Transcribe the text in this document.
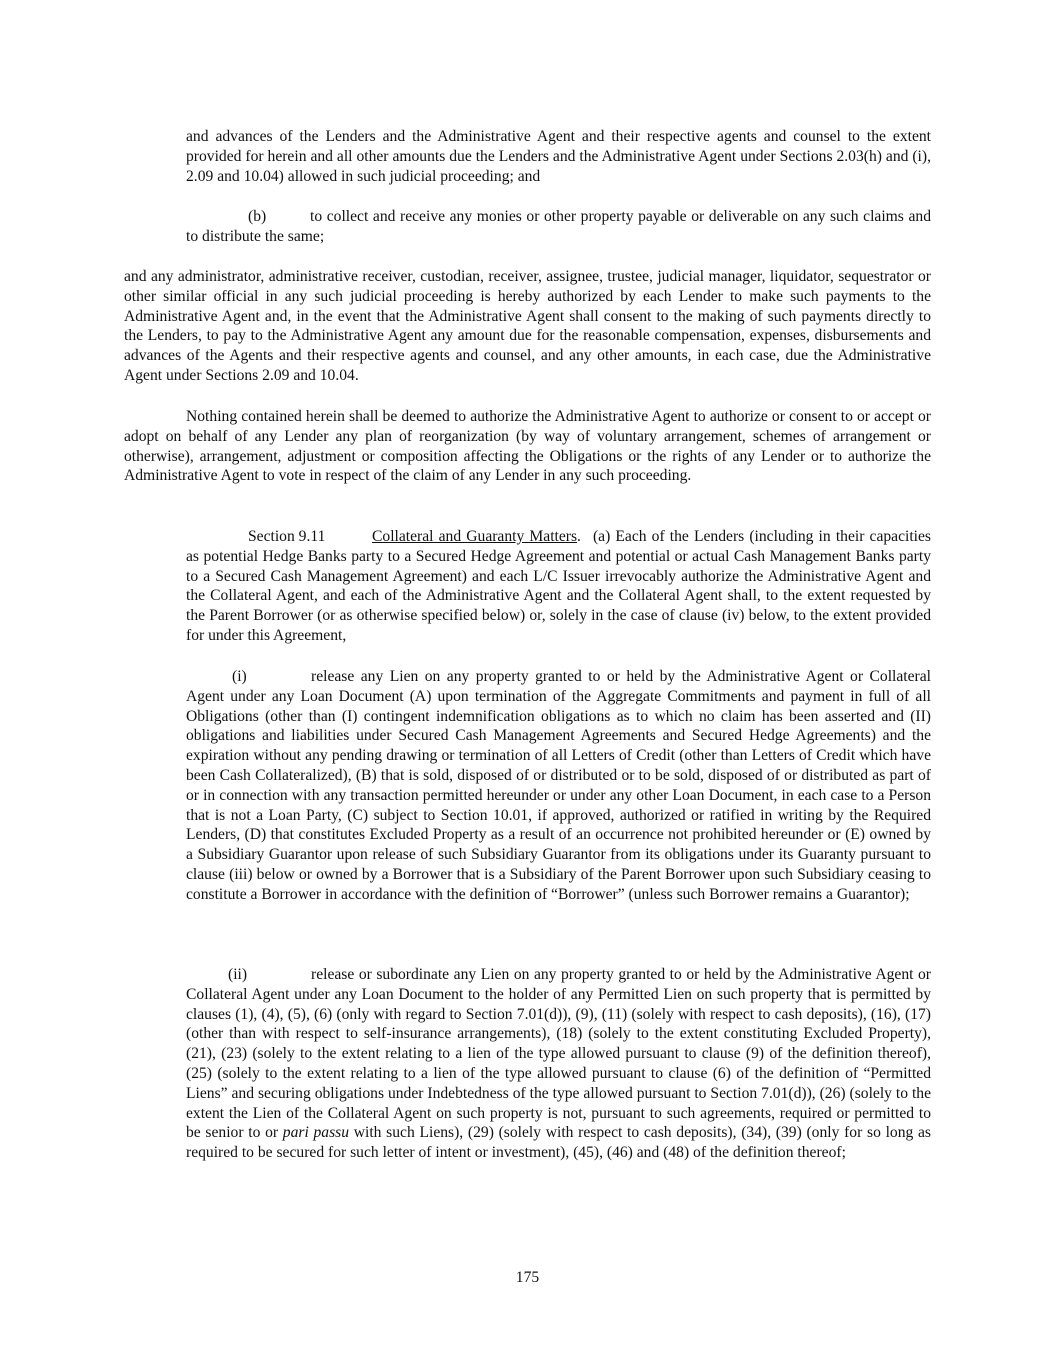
and advances of the Lenders and the Administrative Agent and their respective agents and counsel to the extent provided for herein and all other amounts due the Lenders and the Administrative Agent under Sections 2.03(h) and (i), 2.09 and 10.04) allowed in such judicial proceeding; and

(b)	to collect and receive any monies or other property payable or deliverable on any such claims and to distribute the same;

and any administrator, administrative receiver, custodian, receiver, assignee, trustee, judicial manager, liquidator, sequestrator or other similar official in any such judicial proceeding is hereby authorized by each Lender to make such payments to the Administrative Agent and, in the event that the Administrative Agent shall consent to the making of such payments directly to the Lenders, to pay to the Administrative Agent any amount due for the reasonable compensation, expenses, disbursements and advances of the Agents and their respective agents and counsel, and any other amounts, in each case, due the Administrative Agent under Sections 2.09 and 10.04.

Nothing contained herein shall be deemed to authorize the Administrative Agent to authorize or consent to or accept or adopt on behalf of any Lender any plan of reorganization (by way of voluntary arrangement, schemes of arrangement or otherwise), arrangement, adjustment or composition affecting the Obligations or the rights of any Lender or to authorize the Administrative Agent to vote in respect of the claim of any Lender in any such proceeding.

Section 9.11	Collateral and Guaranty Matters. (a) Each of the Lenders (including in their capacities as potential Hedge Banks party to a Secured Hedge Agreement and potential or actual Cash Management Banks party to a Secured Cash Management Agreement) and each L/C Issuer irrevocably authorize the Administrative Agent and the Collateral Agent, and each of the Administrative Agent and the Collateral Agent shall, to the extent requested by the Parent Borrower (or as otherwise specified below) or, solely in the case of clause (iv) below, to the extent provided for under this Agreement,

(i)	release any Lien on any property granted to or held by the Administrative Agent or Collateral Agent under any Loan Document (A) upon termination of the Aggregate Commitments and payment in full of all Obligations (other than (I) contingent indemnification obligations as to which no claim has been asserted and (II) obligations and liabilities under Secured Cash Management Agreements and Secured Hedge Agreements) and the expiration without any pending drawing or termination of all Letters of Credit (other than Letters of Credit which have been Cash Collateralized), (B) that is sold, disposed of or distributed or to be sold, disposed of or distributed as part of or in connection with any transaction permitted hereunder or under any other Loan Document, in each case to a Person that is not a Loan Party, (C) subject to Section 10.01, if approved, authorized or ratified in writing by the Required Lenders, (D) that constitutes Excluded Property as a result of an occurrence not prohibited hereunder or (E) owned by a Subsidiary Guarantor upon release of such Subsidiary Guarantor from its obligations under its Guaranty pursuant to clause (iii) below or owned by a Borrower that is a Subsidiary of the Parent Borrower upon such Subsidiary ceasing to constitute a Borrower in accordance with the definition of “Borrower” (unless such Borrower remains a Guarantor);

(ii)	release or subordinate any Lien on any property granted to or held by the Administrative Agent or Collateral Agent under any Loan Document to the holder of any Permitted Lien on such property that is permitted by clauses (1), (4), (5), (6) (only with regard to Section 7.01(d)), (9), (11) (solely with respect to cash deposits), (16), (17) (other than with respect to self-insurance arrangements), (18) (solely to the extent constituting Excluded Property), (21), (23) (solely to the extent relating to a lien of the type allowed pursuant to clause (9) of the definition thereof), (25) (solely to the extent relating to a lien of the type allowed pursuant to clause (6) of the definition of “Permitted Liens” and securing obligations under Indebtedness of the type allowed pursuant to Section 7.01(d)), (26) (solely to the extent the Lien of the Collateral Agent on such property is not, pursuant to such agreements, required or permitted to be senior to or pari passu with such Liens), (29) (solely with respect to cash deposits), (34), (39) (only for so long as required to be secured for such letter of intent or investment), (45), (46) and (48) of the definition thereof;

175
